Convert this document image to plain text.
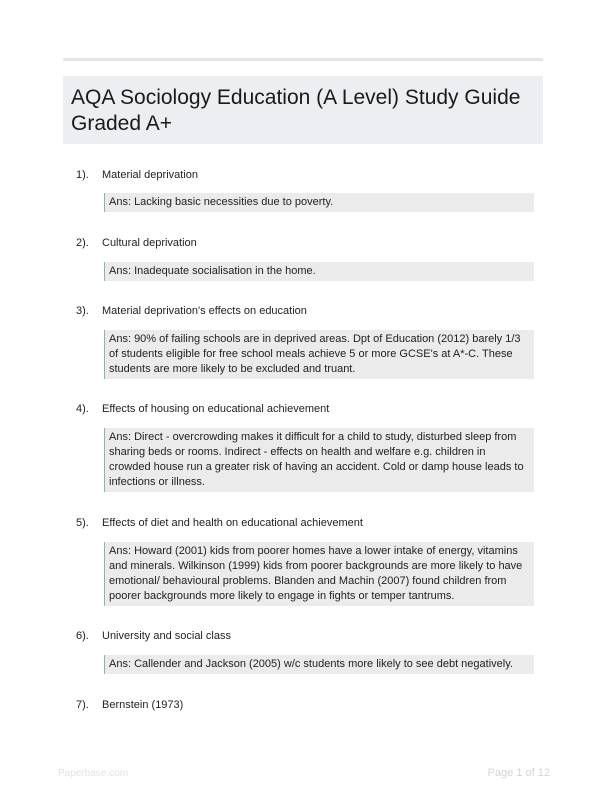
AQA Sociology Education (A Level) Study Guide Graded A+
1). Material deprivation
Ans: Lacking basic necessities due to poverty.
2). Cultural deprivation
Ans: Inadequate socialisation in the home.
3). Material deprivation's effects on education
Ans: 90% of failing schools are in deprived areas. Dpt of Education (2012) barely 1/3 of students eligible for free school meals achieve 5 or more GCSE's at A*-C. These students are more likely to be excluded and truant.
4). Effects of housing on educational achievement
Ans: Direct - overcrowding makes it difficult for a child to study, disturbed sleep from sharing beds or rooms. Indirect - effects on health and welfare e.g. children in crowded house run a greater risk of having an accident. Cold or damp house leads to infections or illness.
5). Effects of diet and health on educational achievement
Ans: Howard (2001) kids from poorer homes have a lower intake of energy, vitamins and minerals. Wilkinson (1999) kids from poorer backgrounds are more likely to have emotional/ behavioural problems. Blanden and Machin (2007) found children from poorer backgrounds more likely to engage in fights or temper tantrums.
6). University and social class
Ans: Callender and Jackson (2005) w/c students more likely to see debt negatively.
7). Bernstein (1973)
Paperbase.com	Page 1 of 12
